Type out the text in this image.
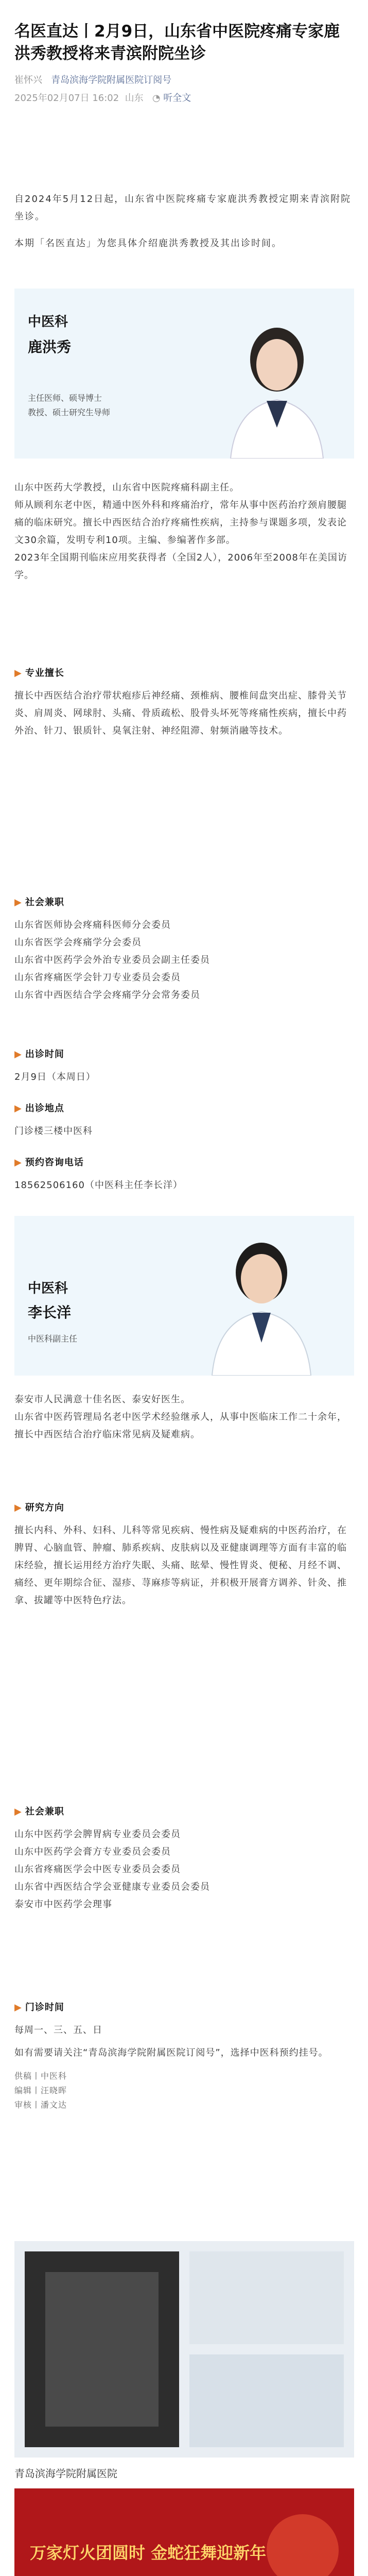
名医直达丨2月9日，山东省中医院疼痛专家鹿洪秀教授将来青滨附院坐诊
崔怀兴 青岛滨海学院附属医院订阅号
2025年02月07日 16:02 山东 ◔ 听全文

自2024年5月12日起，山东省中医院疼痛专家鹿洪秀教授定期来青滨附院坐诊。

本期「名医直达」为您具体介绍鹿洪秀教授及其出诊时间。

中医科
鹿洪秀
主任医师、硕导博士
教授、硕士研究生导师

山东中医药大学教授，山东省中医院疼痛科副主任。

师从顾利东老中医，精通中医外科和疼痛治疗，常年从事中医药治疗颈肩腰腿痛的临床研究。擅长中西医结合治疗疼痛性疾病，主持参与课题多项，发表论文30余篇，发明专利10项。主编、参编著作多部。

2023年全国期刊临床应用奖获得者（全国2人），2006年至2008年在美国访学。

▶ 专业擅长

擅长中西医结合治疗带状疱疹后神经痛、颈椎病、腰椎间盘突出症、膝骨关节炎、肩周炎、网球肘、头痛、骨质疏松、股骨头坏死等疼痛性疾病，擅长中药外治、针刀、银质针、臭氧注射、神经阻滞、射频消融等技术。

▶ 社会兼职

山东省医师协会疼痛科医师分会委员

山东省医学会疼痛学分会委员

山东省中医药学会外治专业委员会副主任委员

山东省疼痛医学会针刀专业委员会委员

山东省中西医结合学会疼痛学分会常务委员

▶ 出诊时间

2月9日（本周日）

▶ 出诊地点

门诊楼三楼中医科

▶ 预约咨询电话

18562506160（中医科主任李长洋）

中医科
李长洋
中医科副主任

泰安市人民满意十佳名医、泰安好医生。

山东省中医药管理局名老中医学术经验继承人，从事中医临床工作二十余年，擅长中西医结合治疗临床常见病及疑难病。

▶ 研究方向

擅长内科、外科、妇科、儿科等常见疾病、慢性病及疑难病的中医药治疗，在脾胃、心脑血管、肿瘤、肺系疾病、皮肤病以及亚健康调理等方面有丰富的临床经验，擅长运用经方治疗失眠、头痛、眩晕、慢性胃炎、便秘、月经不调、痛经、更年期综合征、湿疹、荨麻疹等病证，并积极开展膏方调养、针灸、推拿、拔罐等中医特色疗法。

▶ 社会兼职

山东中医药学会脾胃病专业委员会委员

山东中医药学会膏方专业委员会委员

山东省疼痛医学会中医专业委员会委员

山东省中西医结合学会亚健康专业委员会委员

泰安市中医药学会理事

▶ 门诊时间

每周一、三、五、日

如有需要请关注“青岛滨海学院附属医院订阅号”，选择中医科预约挂号。

供稿丨中医科
编辑丨汪晓晖
审核丨潘文达

青岛滨海学院附属医院
万家灯火团圆时 金蛇狂舞迎新年
